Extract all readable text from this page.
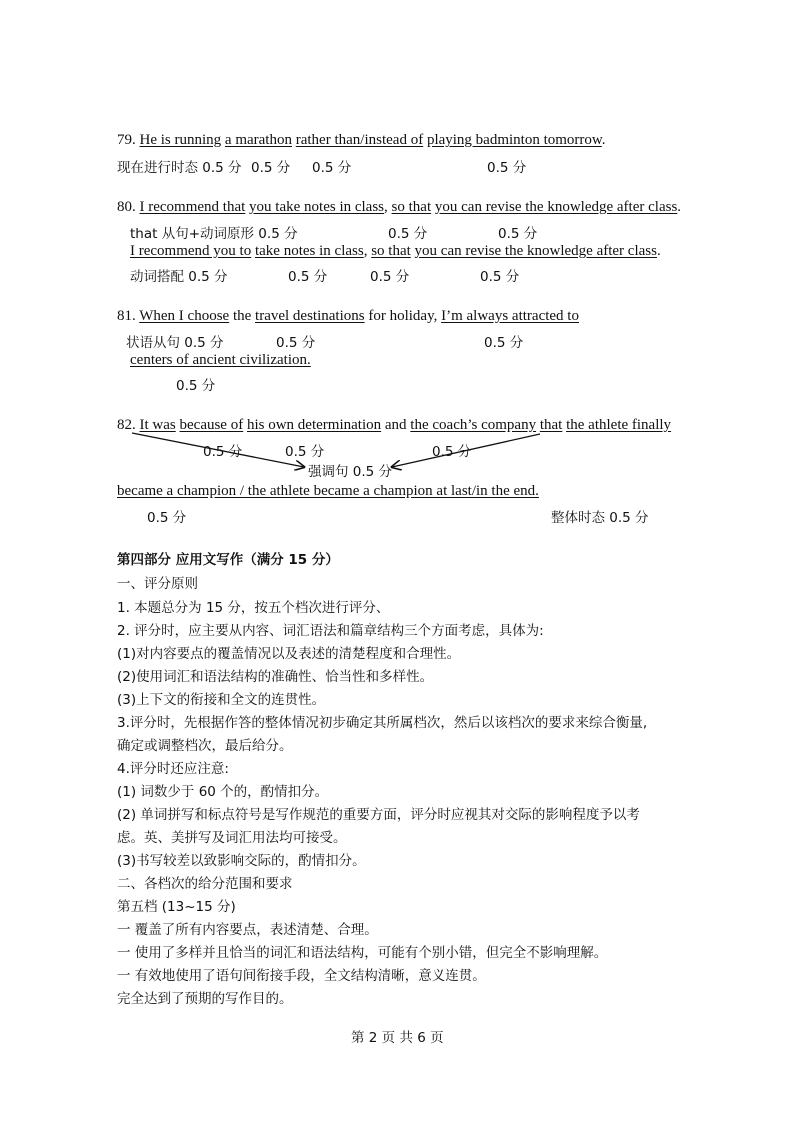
79. He is running a marathon rather than/instead of playing badminton tomorrow.
现在进行时态 0.5 分 0.5 分 0.5 分	0.5 分
80. I recommend that you take notes in class, so that you can revise the knowledge after class.
that 从句+动词原形 0.5 分	0.5 分	0.5 分
I recommend you to take notes in class, so that you can revise the knowledge after class.
动词搭配 0.5 分	0.5 分	0.5 分	0.5 分
81. When I choose the travel destinations for holiday, I’m always attracted to
状语从句 0.5 分	0.5 分	0.5 分
centers of ancient civilization.
0.5 分
82. It was because of his own determination and the coach’s company that the athlete finally
0.5 分	0.5 分	0.5 分
强调句 0.5 分
became a champion / the athlete became a champion at last/in the end.
0.5 分	整体时态 0.5 分
第四部分 应用文写作（满分 15 分）
一、评分原则
1. 本题总分为 15 分，按五个档次进行评分、
2. 评分时，应主要从内容、词汇语法和篇章结构三个方面考虑，具体为:
(1)对内容要点的覆盖情况以及表述的清楚程度和合理性。
(2)使用词汇和语法结构的准确性、恰当性和多样性。
(3)上下文的衔接和全文的连贯性。
3.评分时，先根据作答的整体情况初步确定其所属档次，然后以该档次的要求来综合衡量,
确定或调整档次，最后给分。
4.评分时还应注意:
(1) 词数少于 60 个的，酌情扣分。
(2) 单词拼写和标点符号是写作规范的重要方面，评分时应视其对交际的影响程度予以考
虑。英、美拼写及词汇用法均可接受。
(3)书写较差以致影响交际的，酌情扣分。
二、各档次的给分范围和要求
第五档 (13~15 分)
一 覆盖了所有内容要点，表述清楚、合理。
一 使用了多样并且恰当的词汇和语法结构，可能有个别小错，但完全不影响理解。
一 有效地使用了语句间衔接手段，全文结构清晰，意义连贯。
完全达到了预期的写作目的。
第 2 页 共 6 页
